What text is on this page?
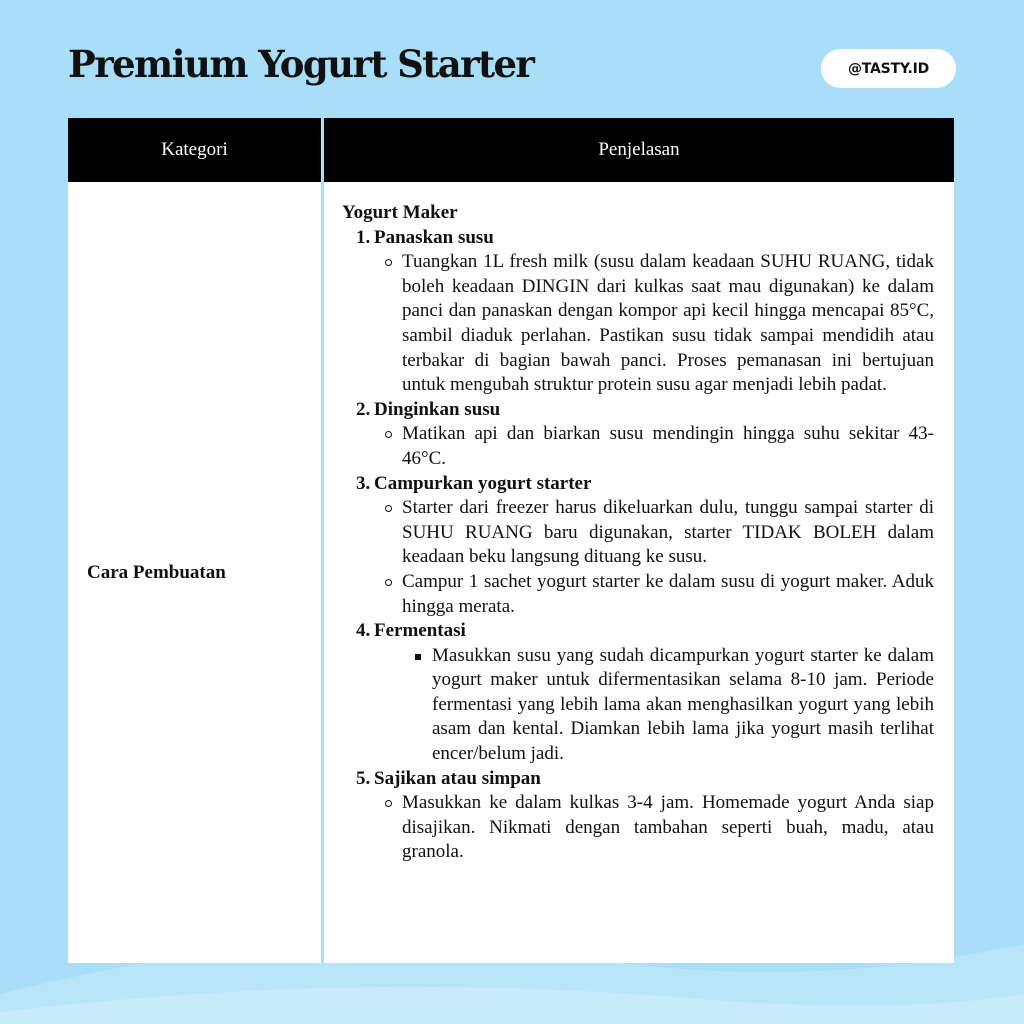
Premium Yogurt Starter	@TASTY.ID
Kategori	Penjelasan
Cara Pembuatan
Yogurt Maker
1. Panaskan susu
Tuangkan 1L fresh milk (susu dalam keadaan SUHU RUANG, tidak boleh keadaan DINGIN dari kulkas saat mau digunakan) ke dalam panci dan panaskan dengan kompor api kecil hingga mencapai 85°C, sambil diaduk perlahan. Pastikan susu tidak sampai mendidih atau terbakar di bagian bawah panci. Proses pemanasan ini bertujuan untuk mengubah struktur protein susu agar menjadi lebih padat.
2. Dinginkan susu
Matikan api dan biarkan susu mendingin hingga suhu sekitar 43-46°C.
3. Campurkan yogurt starter
Starter dari freezer harus dikeluarkan dulu, tunggu sampai starter di SUHU RUANG baru digunakan, starter TIDAK BOLEH dalam keadaan beku langsung dituang ke susu.
Campur 1 sachet yogurt starter ke dalam susu di yogurt maker. Aduk hingga merata.
4. Fermentasi
Masukkan susu yang sudah dicampurkan yogurt starter ke dalam yogurt maker untuk difermentasikan selama 8-10 jam. Periode fermentasi yang lebih lama akan menghasilkan yogurt yang lebih asam dan kental. Diamkan lebih lama jika yogurt masih terlihat encer/belum jadi.
5. Sajikan atau simpan
Masukkan ke dalam kulkas 3-4 jam. Homemade yogurt Anda siap disajikan. Nikmati dengan tambahan seperti buah, madu, atau granola.
